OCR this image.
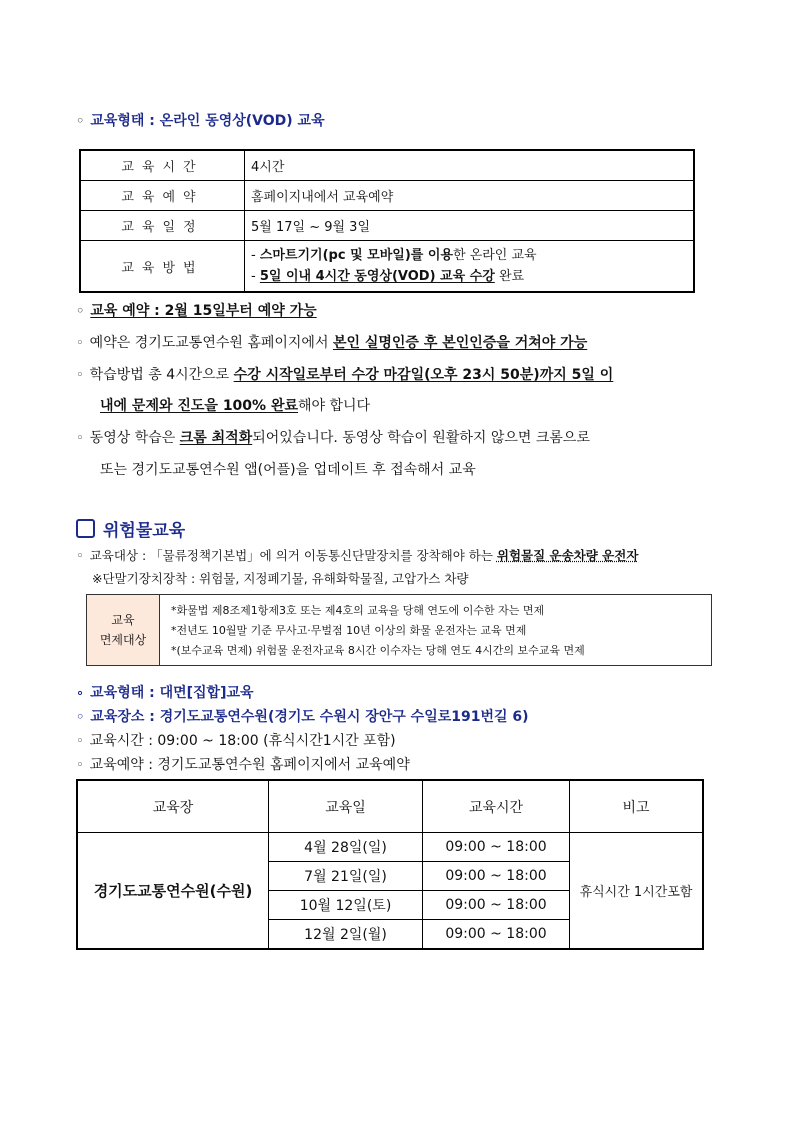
◦ 교육형태 : 온라인 동영상(VOD) 교육
교육시간	4시간
교육예약	홈페이지내에서 교육예약
교육일정	5월 17일 ~ 9월 3일
교육방법	- 스마트기기(pc 및 모바일)를 이용한 온라인 교육
- 5일 이내 4시간 동영상(VOD) 교육 수강 완료
◦ 교육 예약 : 2월 15일부터 예약 가능
◦ 예약은 경기도교통연수원 홈페이지에서 본인 실명인증 후 본인인증을 거쳐야 가능
◦ 학습방법 총 4시간으로 수강 시작일로부터 수강 마감일(오후 23시 50분)까지 5일 이
내에 문제와 진도을 100% 완료해야 합니다
◦ 동영상 학습은 크롬 최적화되어있습니다. 동영상 학습이 원활하지 않으면 크롬으로
또는 경기도교통연수원 앱(어플)을 업데이트 후 접속해서 교육
위험물교육
◦ 교육대상 : 「물류정책기본법」에 의거 이동통신단말장치를 장착해야 하는 위험물질 운송차량 운전자
※단말기장치장착 : 위험물, 지정폐기물, 유해화학물질, 고압가스 차량
교육
면제대상
*화물법 제8조제1항제3호 또는 제4호의 교육을 당해 연도에 이수한 자는 면제
*전년도 10월말 기준 무사고·무벌점 10년 이상의 화물 운전자는 교육 면제
*(보수교육 면제) 위험물 운전자교육 8시간 이수자는 당해 연도 4시간의 보수교육 면제
∘ 교육형태 : 대면[집합]교육
◦ 교육장소 : 경기도교통연수원(경기도 수원시 장안구 수일로191번길 6)
◦ 교육시간 : 09:00 ~ 18:00 (휴식시간1시간 포함)
◦ 교육예약 : 경기도교통연수원 홈페이지에서 교육예약
교육장	교육일	교육시간	비고
경기도교통연수원(수원)	4월 28일(일)	09:00 ~ 18:00	휴식시간 1시간포함
	7월 21일(일)	09:00 ~ 18:00	
	10월 12일(토)	09:00 ~ 18:00	
	12월 2일(월)	09:00 ~ 18:00	
